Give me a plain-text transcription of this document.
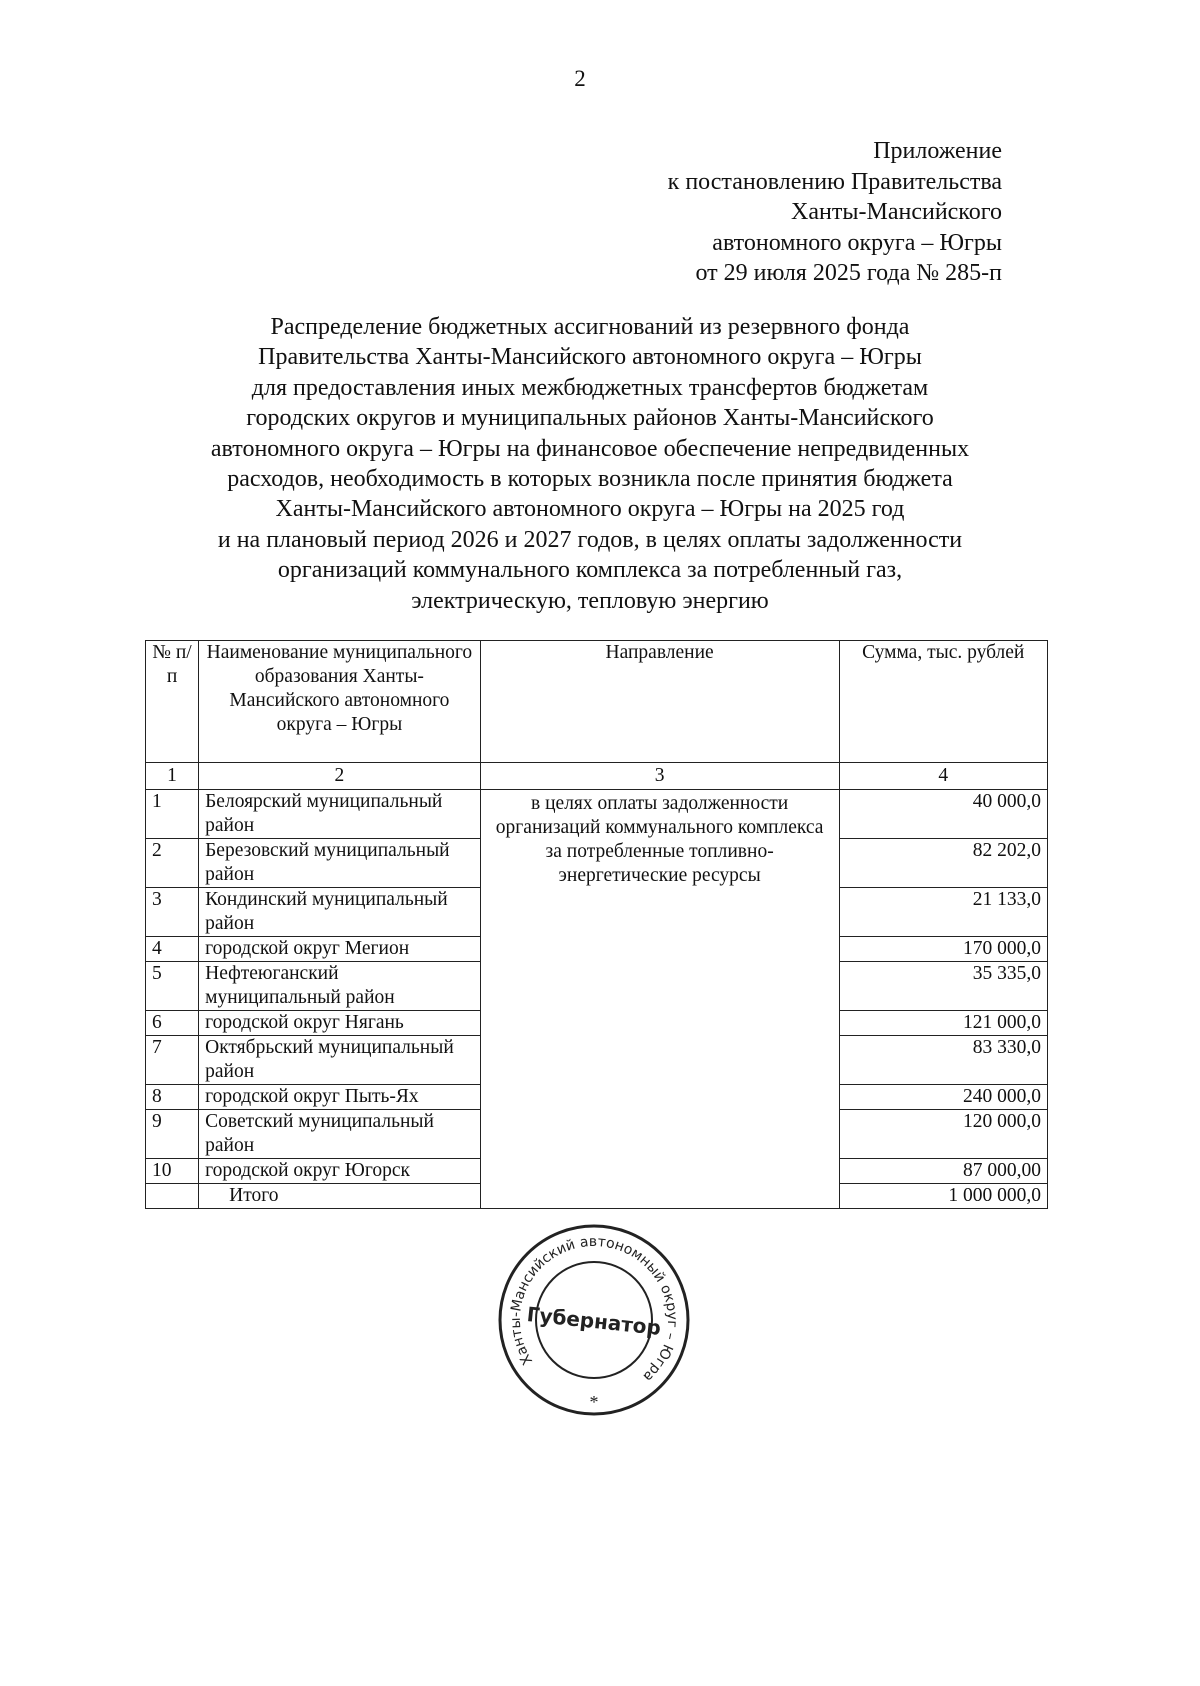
2
Приложение
к постановлению Правительства
Ханты-Мансийского
автономного округа – Югры
от 29 июля 2025 года № 285-п
Распределение бюджетных ассигнований из резервного фонда
Правительства Ханты-Мансийского автономного округа – Югры
для предоставления иных межбюджетных трансфертов бюджетам
городских округов и муниципальных районов Ханты-Мансийского
автономного округа – Югры на финансовое обеспечение непредвиденных
расходов, необходимость в которых возникла после принятия бюджета
Ханты-Мансийского автономного округа – Югры на 2025 год
и на плановый период 2026 и 2027 годов, в целях оплаты задолженности
организаций коммунального комплекса за потребленный газ,
электрическую, тепловую энергию
№ п/п	Наименование муниципального образования Ханты-Мансийского автономного округа – Югры	Направление	Сумма, тыс. рублей
1	2	3	4
1	Белоярский муниципальный район	в целях оплаты задолженности организаций коммунального комплекса за потребленные топливно-энергетические ресурсы	40 000,0
2	Березовский муниципальный район		82 202,0
3	Кондинский муниципальный район		21 133,0
4	городской округ Мегион		170 000,0
5	Нефтеюганский муниципальный район		35 335,0
6	городской округ Нягань		121 000,0
7	Октябрьский муниципальный район		83 330,0
8	городской округ Пыть-Ях		240 000,0
9	Советский муниципальный район		120 000,0
10	городской округ Югорск		87 000,00
	Итого		1 000 000,0
Ханты-Мансийский автономный округ – Югра
Губернатор
*
